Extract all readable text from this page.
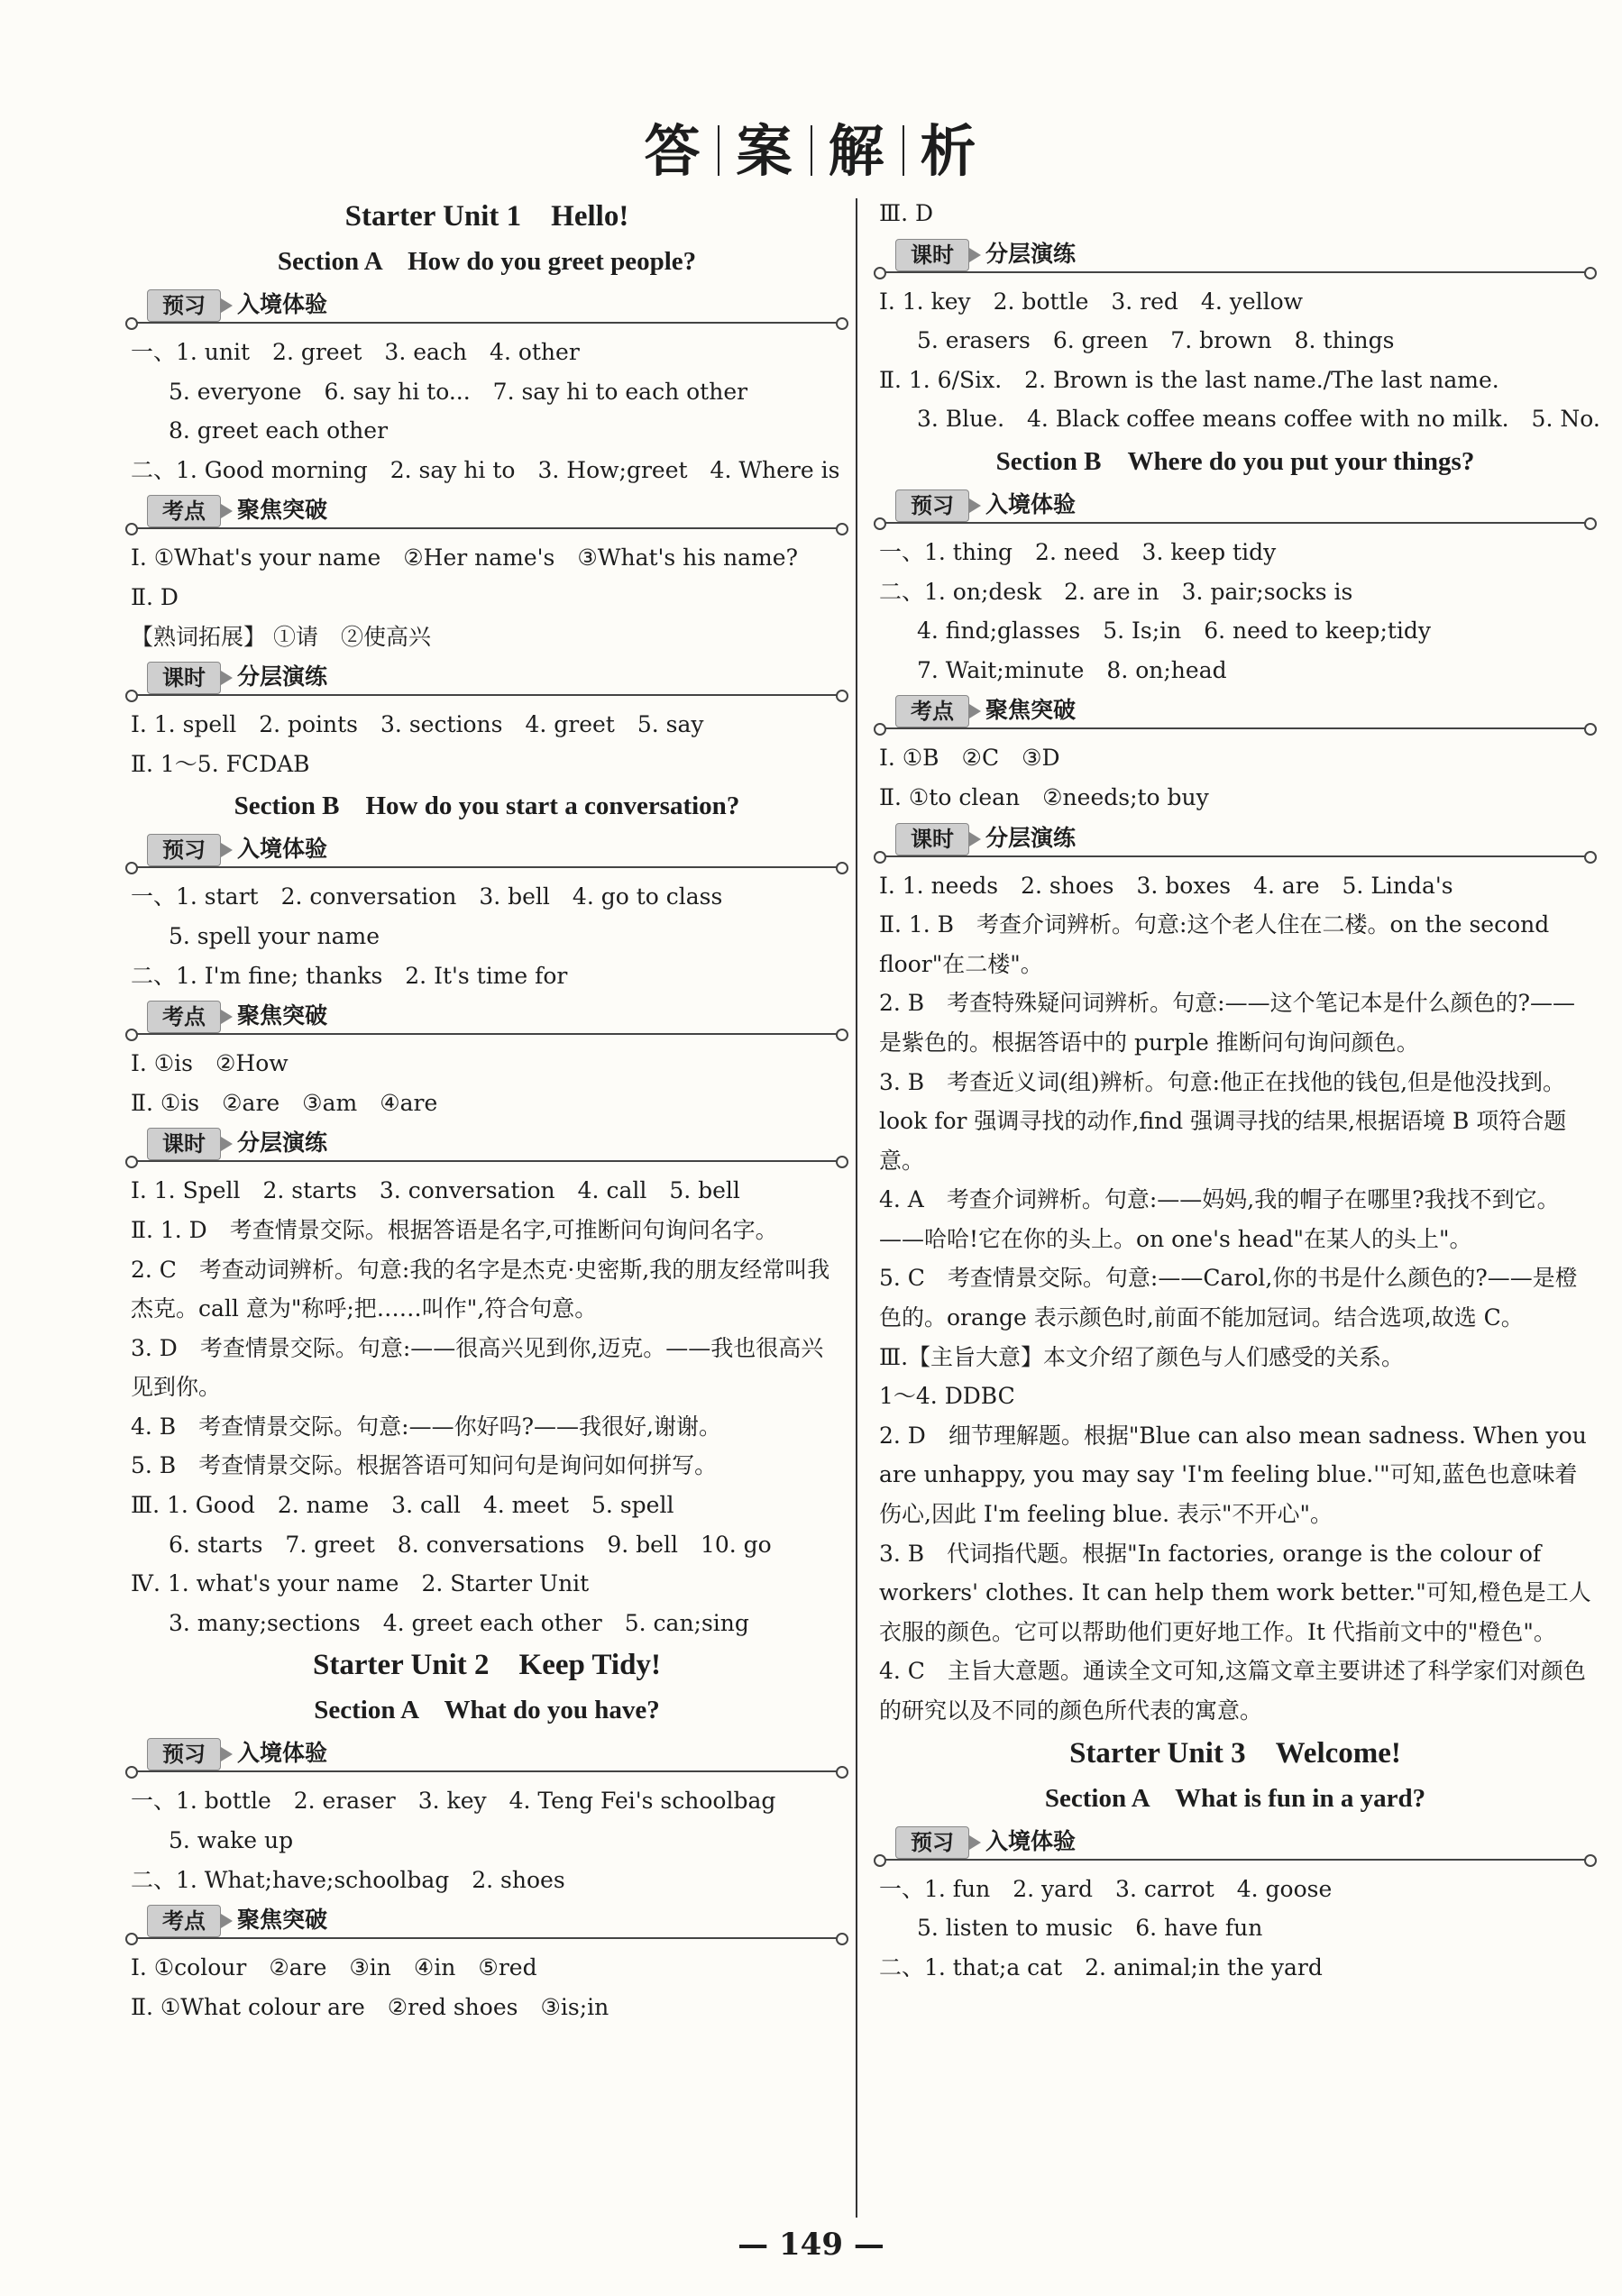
答 案 解 析
Starter Unit 1　Hello!
Section A　How do you greet people?
预习	入境体验
一、1. unit　2. greet　3. each　4. other
5. everyone　6. say hi to...　7. say hi to each other
8. greet each other
二、1. Good morning　2. say hi to　3. How;greet　4. Where is
考点	聚焦突破
Ⅰ. ①What's your name　②Her name's　③What's his name?
Ⅱ. D
【熟词拓展】 ①请　②使高兴
课时	分层演练
Ⅰ. 1. spell　2. points　3. sections　4. greet　5. say
Ⅱ. 1～5. FCDAB
Section B　How do you start a conversation?
预习	入境体验
一、1. start　2. conversation　3. bell　4. go to class
5. spell your name
二、1. I'm fine; thanks　2. It's time for
考点	聚焦突破
Ⅰ. ①is　②How
Ⅱ. ①is　②are　③am　④are
课时	分层演练
Ⅰ. 1. Spell　2. starts　3. conversation　4. call　5. bell
Ⅱ. 1. D　考查情景交际。根据答语是名字,可推断问句询问名字。
2. C　考查动词辨析。句意:我的名字是杰克·史密斯,我的朋友经常叫我杰克。call 意为"称呼;把……叫作",符合句意。
3. D　考查情景交际。句意:——很高兴见到你,迈克。——我也很高兴见到你。
4. B　考查情景交际。句意:——你好吗?——我很好,谢谢。
5. B　考查情景交际。根据答语可知问句是询问如何拼写。
Ⅲ. 1. Good　2. name　3. call　4. meet　5. spell
6. starts　7. greet　8. conversations　9. bell　10. go
Ⅳ. 1. what's your name　2. Starter Unit
3. many;sections　4. greet each other　5. can;sing
Starter Unit 2　Keep Tidy!
Section A　What do you have?
预习	入境体验
一、1. bottle　2. eraser　3. key　4. Teng Fei's schoolbag
5. wake up
二、1. What;have;schoolbag　2. shoes
考点	聚焦突破
Ⅰ. ①colour　②are　③in　④in　⑤red
Ⅱ. ①What colour are　②red shoes　③is;in
Ⅲ. D
课时	分层演练
Ⅰ. 1. key　2. bottle　3. red　4. yellow
5. erasers　6. green　7. brown　8. things
Ⅱ. 1. 6/Six.　2. Brown is the last name./The last name.
3. Blue.　4. Black coffee means coffee with no milk.　5. No.
Section B　Where do you put your things?
预习	入境体验
一、1. thing　2. need　3. keep tidy
二、1. on;desk　2. are in　3. pair;socks is
4. find;glasses　5. Is;in　6. need to keep;tidy
7. Wait;minute　8. on;head
考点	聚焦突破
Ⅰ. ①B　②C　③D
Ⅱ. ①to clean　②needs;to buy
课时	分层演练
Ⅰ. 1. needs　2. shoes　3. boxes　4. are　5. Linda's
Ⅱ. 1. B　考查介词辨析。句意:这个老人住在二楼。on the second floor"在二楼"。
2. B　考查特殊疑问词辨析。句意:——这个笔记本是什么颜色的?——是紫色的。根据答语中的 purple 推断问句询问颜色。
3. B　考查近义词(组)辨析。句意:他正在找他的钱包,但是他没找到。look for 强调寻找的动作,find 强调寻找的结果,根据语境 B 项符合题意。
4. A　考查介词辨析。句意:——妈妈,我的帽子在哪里?我找不到它。——哈哈!它在你的头上。on one's head"在某人的头上"。
5. C　考查情景交际。句意:——Carol,你的书是什么颜色的?——是橙色的。orange 表示颜色时,前面不能加冠词。结合选项,故选 C。
Ⅲ.【主旨大意】本文介绍了颜色与人们感受的关系。
1～4. DDBC
2. D　细节理解题。根据"Blue can also mean sadness. When you are unhappy, you may say 'I'm feeling blue.'"可知,蓝色也意味着伤心,因此 I'm feeling blue. 表示"不开心"。
3. B　代词指代题。根据"In factories, orange is the colour of workers' clothes. It can help them work better."可知,橙色是工人衣服的颜色。它可以帮助他们更好地工作。It 代指前文中的"橙色"。
4. C　主旨大意题。通读全文可知,这篇文章主要讲述了科学家们对颜色的研究以及不同的颜色所代表的寓意。
Starter Unit 3　Welcome!
Section A　What is fun in a yard?
预习	入境体验
一、1. fun　2. yard　3. carrot　4. goose
5. listen to music　6. have fun
二、1. that;a cat　2. animal;in the yard
— 149 —
